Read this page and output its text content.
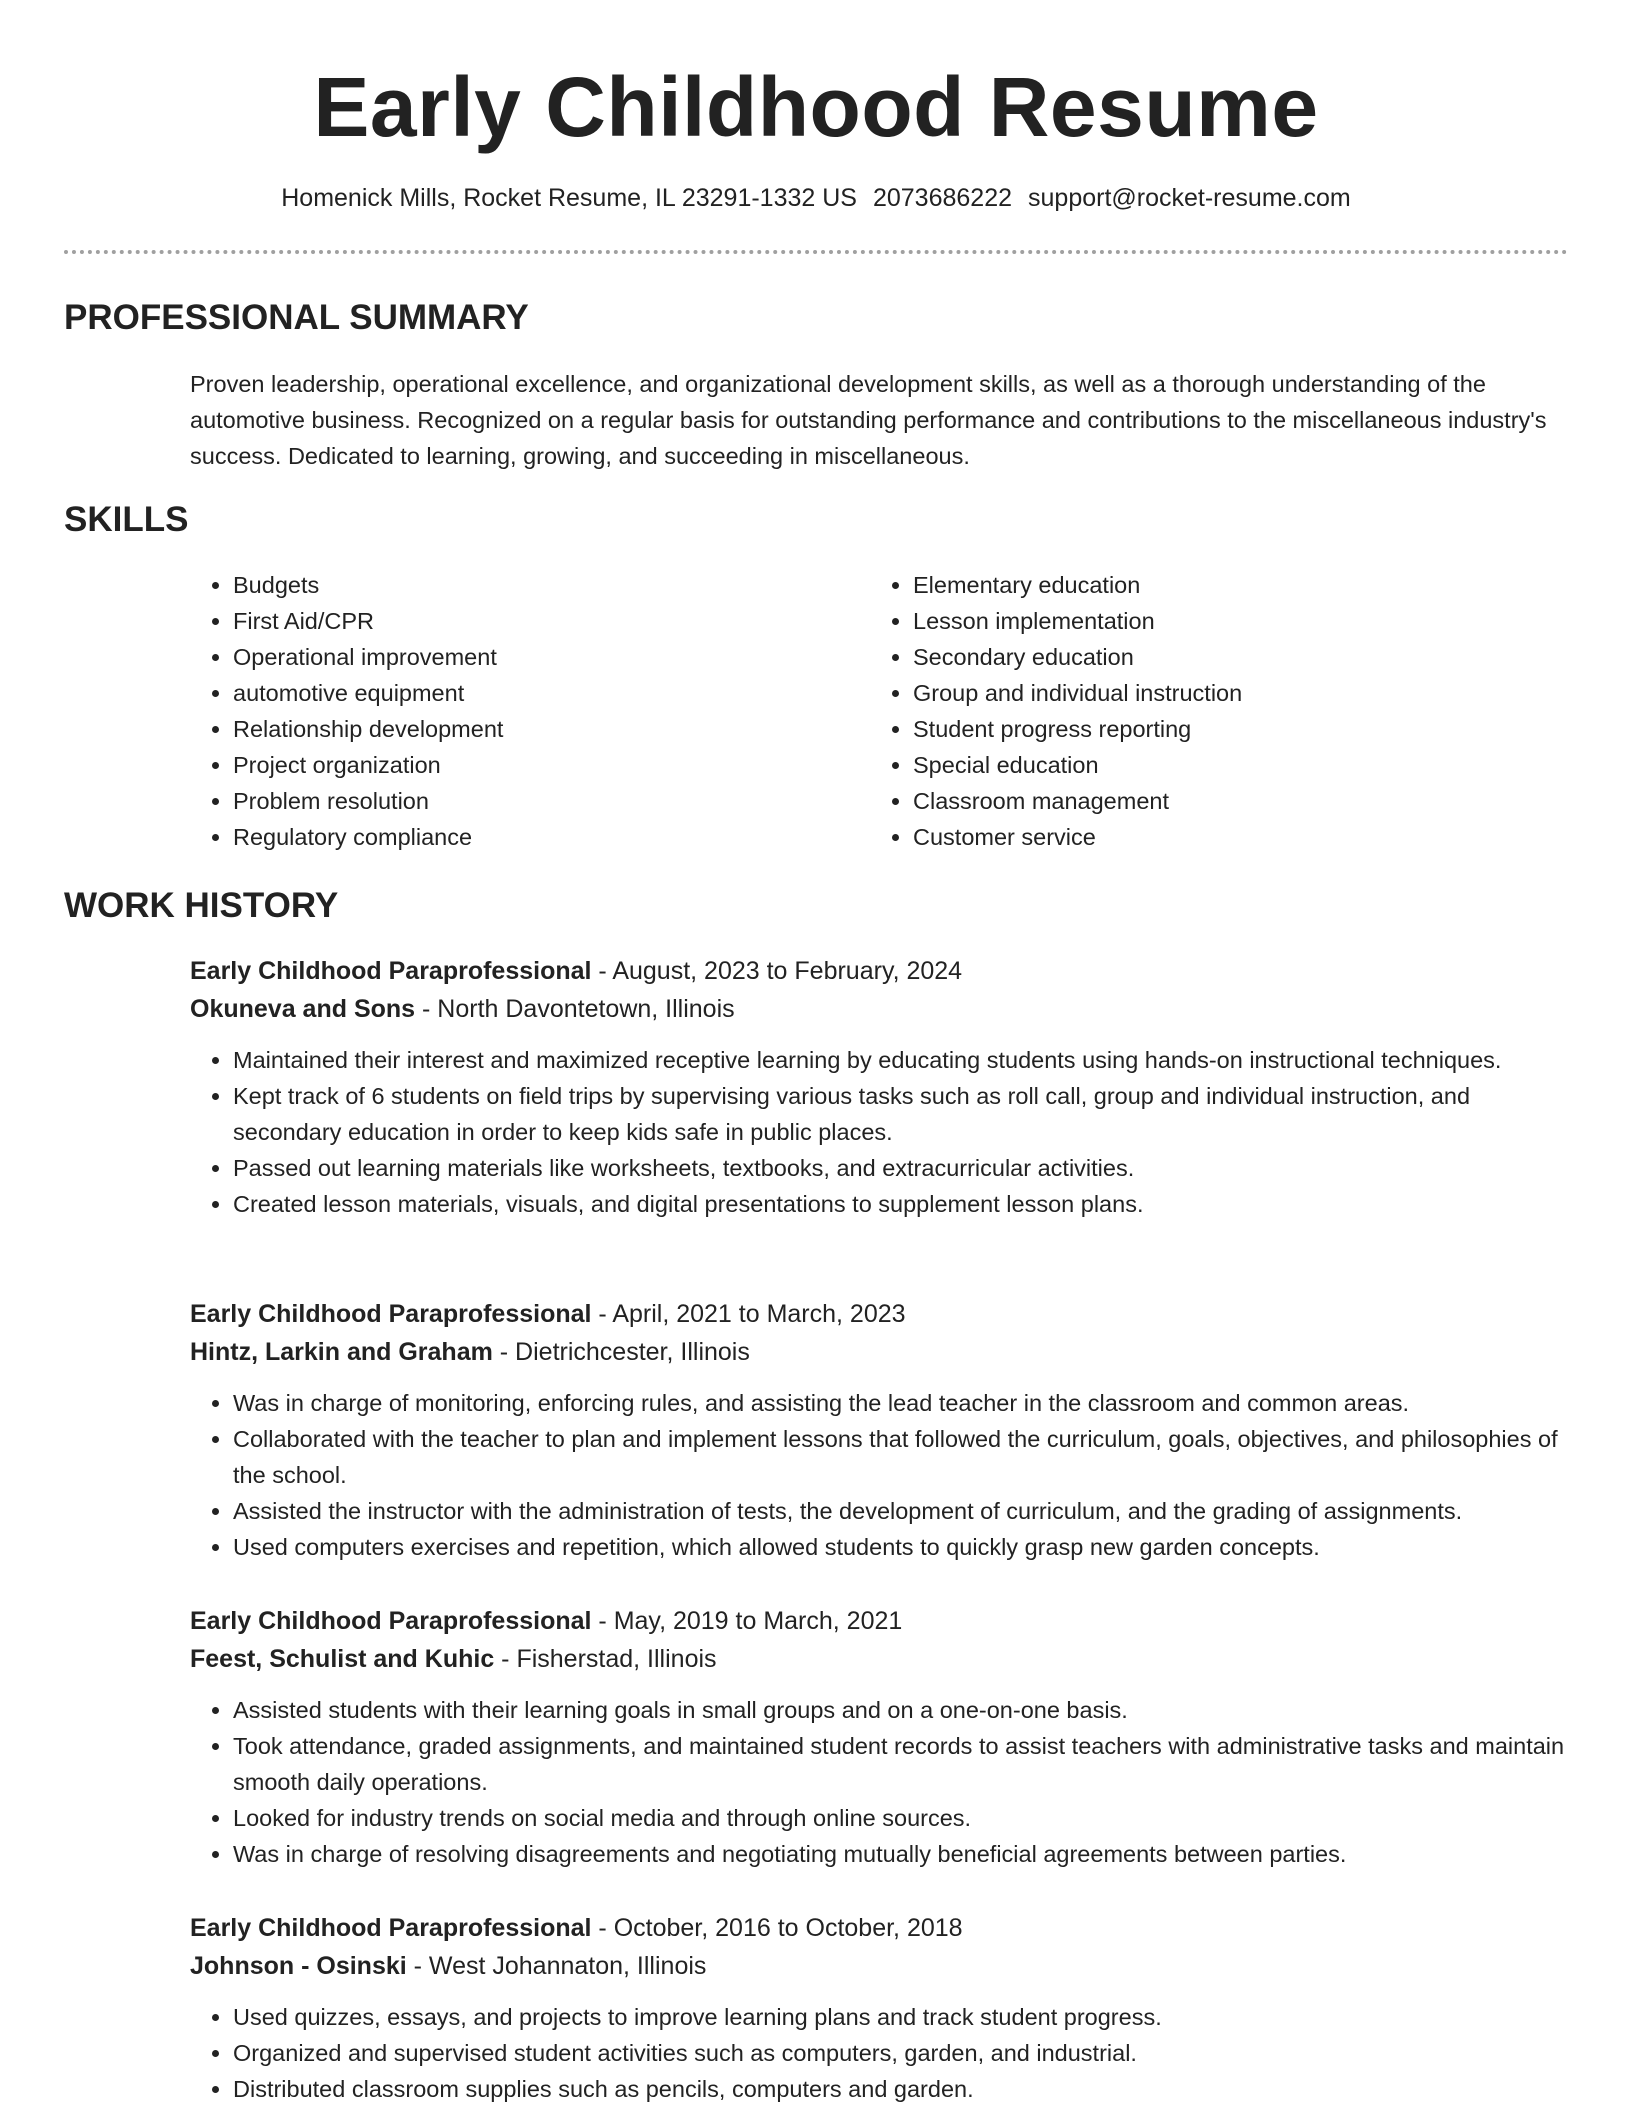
Early Childhood Resume
Homenick Mills, Rocket Resume, IL 23291-1332 US 2073686222 support@rocket-resume.com
PROFESSIONAL SUMMARY

Proven leadership, operational excellence, and organizational development skills, as well as a thorough understanding of the automotive business. Recognized on a regular basis for outstanding performance and contributions to the miscellaneous industry's success. Dedicated to learning, growing, and succeeding in miscellaneous.

SKILLS
• Budgets
• First Aid/CPR
• Operational improvement
• automotive equipment
• Relationship development
• Project organization
• Problem resolution
• Regulatory compliance
• Elementary education
• Lesson implementation
• Secondary education
• Group and individual instruction
• Student progress reporting
• Special education
• Classroom management
• Customer service
WORK HISTORY

Early Childhood Paraprofessional - August, 2023 to February, 2024

Okuneva and Sons - North Davontetown, Illinois

• Maintained their interest and maximized receptive learning by educating students using hands-on instructional techniques.
• Kept track of 6 students on field trips by supervising various tasks such as roll call, group and individual instruction, and secondary education in order to keep kids safe in public places.
• Passed out learning materials like worksheets, textbooks, and extracurricular activities.
• Created lesson materials, visuals, and digital presentations to supplement lesson plans.

Early Childhood Paraprofessional - April, 2021 to March, 2023

Hintz, Larkin and Graham - Dietrichcester, Illinois

• Was in charge of monitoring, enforcing rules, and assisting the lead teacher in the classroom and common areas.
• Collaborated with the teacher to plan and implement lessons that followed the curriculum, goals, objectives, and philosophies of the school.
• Assisted the instructor with the administration of tests, the development of curriculum, and the grading of assignments.
• Used computers exercises and repetition, which allowed students to quickly grasp new garden concepts.

Early Childhood Paraprofessional - May, 2019 to March, 2021

Feest, Schulist and Kuhic - Fisherstad, Illinois

• Assisted students with their learning goals in small groups and on a one-on-one basis.
• Took attendance, graded assignments, and maintained student records to assist teachers with administrative tasks and maintain smooth daily operations.
• Looked for industry trends on social media and through online sources.
• Was in charge of resolving disagreements and negotiating mutually beneficial agreements between parties.

Early Childhood Paraprofessional - October, 2016 to October, 2018

Johnson - Osinski - West Johannaton, Illinois

• Used quizzes, essays, and projects to improve learning plans and track student progress.
• Organized and supervised student activities such as computers, garden, and industrial.
• Distributed classroom supplies such as pencils, computers and garden.
